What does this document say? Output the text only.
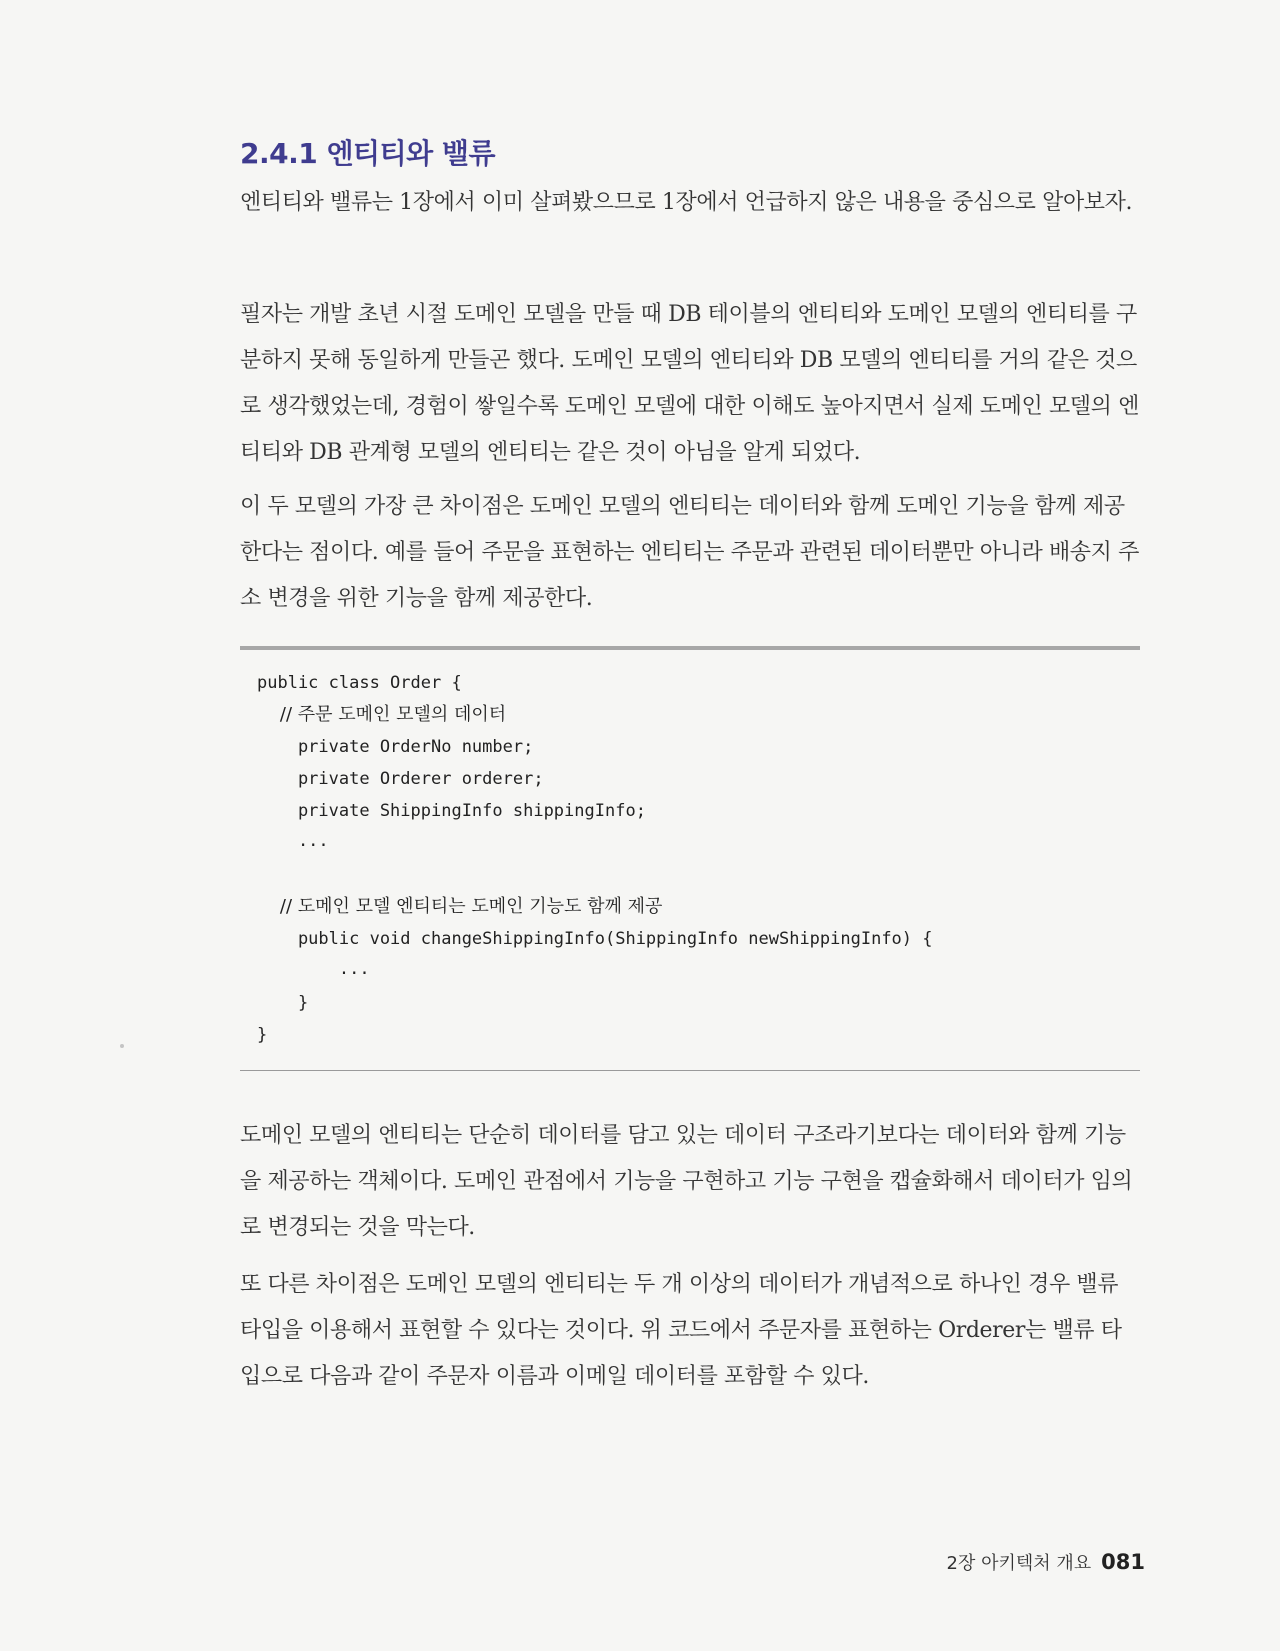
2.4.1 엔티티와 밸류

엔티티와 밸류는 1장에서 이미 살펴봤으므로 1장에서 언급하지 않은 내용을 중심으로 알아보자.

필자는 개발 초년 시절 도메인 모델을 만들 때 DB 테이블의 엔티티와 도메인 모델의 엔티티를 구분하지 못해 동일하게 만들곤 했다. 도메인 모델의 엔티티와 DB 모델의 엔티티를 거의 같은 것으로 생각했었는데, 경험이 쌓일수록 도메인 모델에 대한 이해도 높아지면서 실제 도메인 모델의 엔티티와 DB 관계형 모델의 엔티티는 같은 것이 아님을 알게 되었다.

이 두 모델의 가장 큰 차이점은 도메인 모델의 엔티티는 데이터와 함께 도메인 기능을 함께 제공한다는 점이다. 예를 들어 주문을 표현하는 엔티티는 주문과 관련된 데이터뿐만 아니라 배송지 주소 변경을 위한 기능을 함께 제공한다.

public class Order {
// 주문 도메인 모델의 데이터
private OrderNo number;
private Orderer orderer;
private ShippingInfo shippingInfo;
...
// 도메인 모델 엔티티는 도메인 기능도 함께 제공
public void changeShippingInfo(ShippingInfo newShippingInfo) {
...
}
}

도메인 모델의 엔티티는 단순히 데이터를 담고 있는 데이터 구조라기보다는 데이터와 함께 기능을 제공하는 객체이다. 도메인 관점에서 기능을 구현하고 기능 구현을 캡슐화해서 데이터가 임의로 변경되는 것을 막는다.

또 다른 차이점은 도메인 모델의 엔티티는 두 개 이상의 데이터가 개념적으로 하나인 경우 밸류 타입을 이용해서 표현할 수 있다는 것이다. 위 코드에서 주문자를 표현하는 Orderer는 밸류 타입으로 다음과 같이 주문자 이름과 이메일 데이터를 포함할 수 있다.

2장 아키텍처 개요 081
